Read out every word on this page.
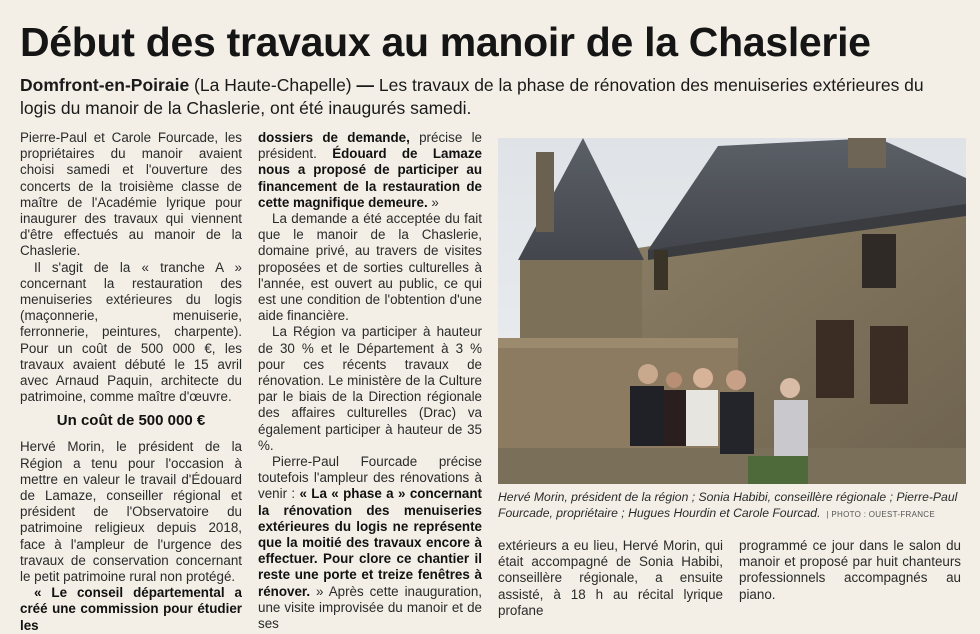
Début des travaux au manoir de la Chaslerie
Domfront-en-Poiraie (La Haute-Chapelle) — Les travaux de la phase de rénovation des menuiseries extérieures du logis du manoir de la Chaslerie, ont été inaugurés samedi.

Pierre-Paul et Carole Fourcade, les propriétaires du manoir avaient choisi samedi et l'ouverture des concerts de la troisième classe de maître de l'Académie lyrique pour inaugurer des travaux qui viennent d'être effectués au manoir de la Chaslerie.

Il s'agit de la « tranche A » concernant la restauration des menuiseries extérieures du logis (maçonnerie, menuiserie, ferronnerie, peintures, charpente). Pour un coût de 500 000 €, les travaux avaient débuté le 15 avril avec Arnaud Paquin, architecte du patrimoine, comme maître d'œuvre.

Un coût de 500 000 €

Hervé Morin, le président de la Région a tenu pour l'occasion à mettre en valeur le travail d'Édouard de Lamaze, conseiller régional et président de l'Observatoire du patrimoine religieux depuis 2018, face à l'ampleur de l'urgence des travaux de conservation concernant le petit patrimoine rural non protégé.

« Le conseil départemental a créé une commission pour étudier les

dossiers de demande, précise le président. Édouard de Lamaze nous a proposé de participer au financement de la restauration de cette magnifique demeure. »

La demande a été acceptée du fait que le manoir de la Chaslerie, domaine privé, au travers de visites proposées et de sorties culturelles à l'année, est ouvert au public, ce qui est une condition de l'obtention d'une aide financière.

La Région va participer à hauteur de 30 % et le Département à 3 % pour ces récents travaux de rénovation. Le ministère de la Culture par le biais de la Direction régionale des affaires culturelles (Drac) va également participer à hauteur de 35 %.

Pierre-Paul Fourcade précise toutefois l'ampleur des rénovations à venir : « La « phase a » concernant la rénovation des menuiseries extérieures du logis ne représente que la moitié des travaux encore à effectuer. Pour clore ce chantier il reste une porte et treize fenêtres à rénover. » Après cette inauguration, une visite improvisée du manoir et de ses

Hervé Morin, président de la région ; Sonia Habibi, conseillère régionale ; Pierre-Paul Fourcade, propriétaire ; Hugues Hourdin et Carole Fourcad. | PHOTO : OUEST-FRANCE

extérieurs a eu lieu, Hervé Morin, qui était accompagné de Sonia Habibi, conseillère régionale, a ensuite assisté, à 18 h au récital lyrique profane

programmé ce jour dans le salon du manoir et proposé par huit chanteurs professionnels accompagnés au piano.
